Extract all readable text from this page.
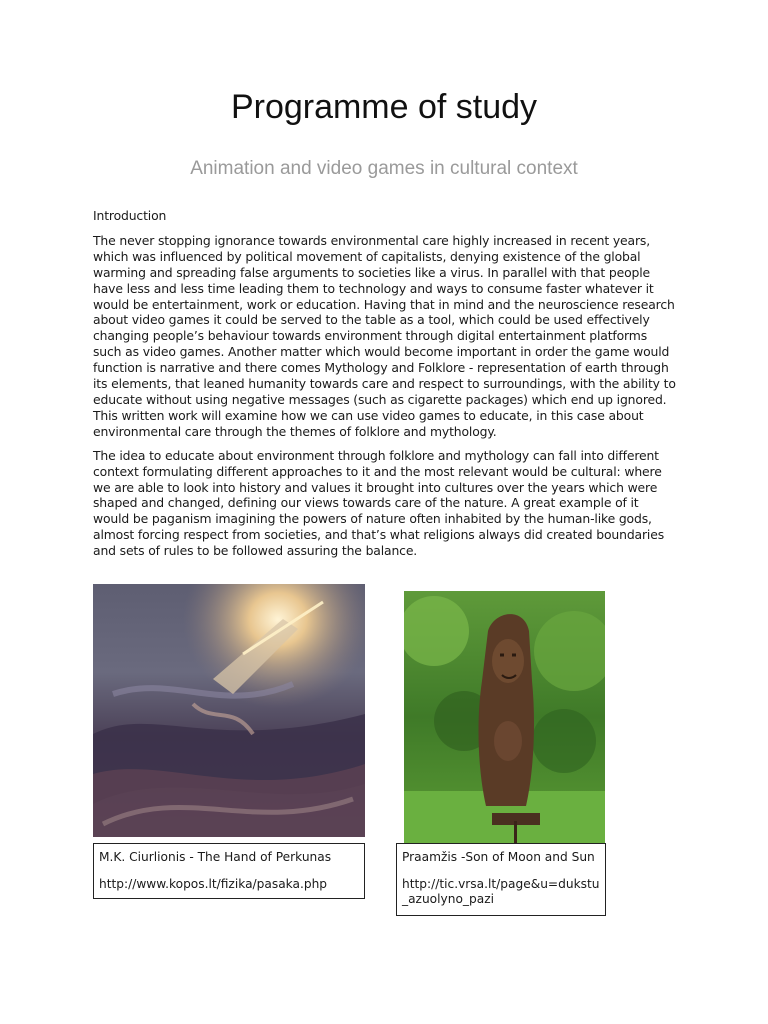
Programme of study
Animation and video games in cultural context

Introduction

The never stopping ignorance towards environmental care highly increased in recent years, which was influenced by political movement of capitalists, denying existence of the global warming and spreading false arguments to societies like a virus. In parallel with that people have less and less time leading them to technology and ways to consume faster whatever it would be entertainment, work or education. Having that in mind and the neuroscience research about video games it could be served to the table as a tool, which could be used effectively changing people’s behaviour towards environment through digital entertainment platforms such as video games. Another matter which would become important in order the game would function is narrative and there comes Mythology and Folklore - representation of earth through its elements, that leaned humanity towards care and respect to surroundings, with the ability to educate without using negative messages (such as cigarette packages) which end up ignored. This written work will examine how we can use video games to educate, in this case about environmental care through the themes of folklore and mythology.

The idea to educate about environment through folklore and mythology can fall into different context formulating different approaches to it and the most relevant would be cultural: where we are able to look into history and values it brought into cultures over the years which were shaped and changed, defining our views towards care of the nature. A great example of it would be paganism imagining the powers of nature often inhabited by the human-like gods, almost forcing respect from societies, and that’s what religions always did created boundaries and sets of rules to be followed assuring the balance.

M.K. Ciurlionis - The Hand of Perkunas
http://www.kopos.lt/fizika/pasaka.php
Praamžis -Son of Moon and Sun
http://tic.vrsa.lt/page&u=dukstu_azuolyno_pazi
